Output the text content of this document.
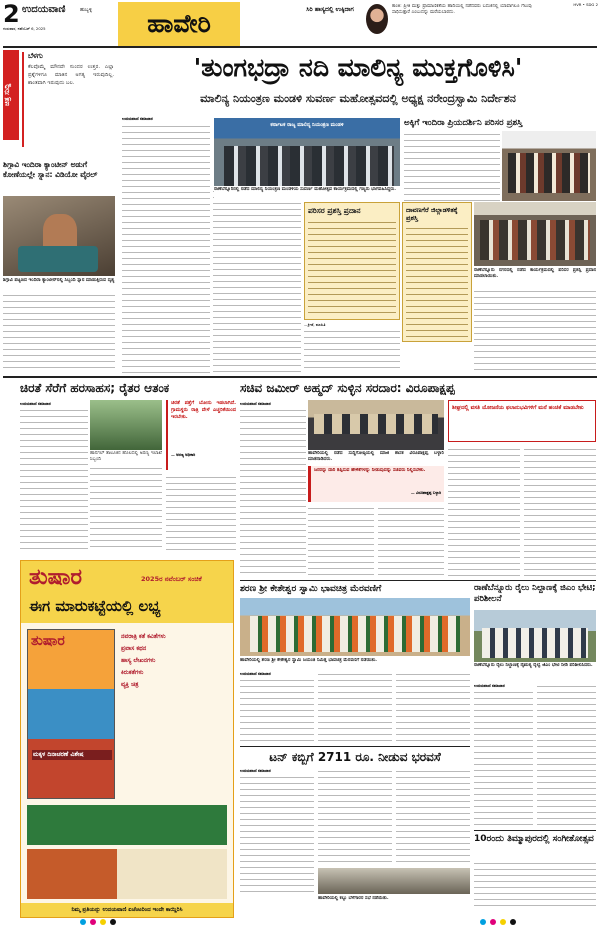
2 ಉದಯವಾಣಿ	ಹುಬ್ಬಳ್ಳಿ
ಗುರುವಾರ, ನವೆಂಬರ್ 6, 2025	ಹಾವೇರಿ	ಸಿರಿ ಹಾಸ್ಯದಲ್ಲಿ ಉಕ್ಕಿದಾಗ	ಕಾಂತಿ: ಪ್ರೀತಿ ಮತ್ತು ಪ್ರಾಮಾಣಿಕತೆಯ ಹಾದಿಯಲ್ಲಿ ನಡೆದವರು ಬದುಕಿನಲ್ಲಿ ಯಾವಾಗಲೂ ಗೆಲುವು ಸಾಧಿಸುತ್ತಾರೆ ಎಂಬುದನ್ನು ಮರೆಯಬಾರದು.
HVR • SDG 2
ಚಿತ್ರ ಸುದ್ದಿ
ಬೆಳಗು
ಕೆಲವೊಮ್ಮೆ ಮೌನವೇ ಸುಂದರ ಉತ್ತರ. ಎಲ್ಲಾ ಪ್ರಶ್ನೆಗಳಿಗೂ ಮಾತಿನ ಅಗತ್ಯ ಇರುವುದಿಲ್ಲ. ಶಾಂತವಾಗಿ ಇರುವುದು ಬಲ.
ಶಿಗ್ಗಾವಿ ಇಂದಿರಾ ಕ್ಯಾಂಟೀನ್ ಅಡುಗೆ ಕೋಣೆಯಲ್ಲೇ ಸ್ನಾನ: ವಿಡಿಯೋ ವೈರಲ್
ಶಿಗ್ಗಾವಿ ಪಟ್ಟಣದ ಇಂದಿರಾ ಕ್ಯಾಂಟೀನ್‌ನಲ್ಲಿ ಸಿಬ್ಬಂದಿ ಸ್ನಾನ ಮಾಡುತ್ತಿರುವ ದೃಶ್ಯ
'ತುಂಗಭದ್ರಾ ನದಿ ಮಾಲಿನ್ಯ ಮುಕ್ತಗೊಳಿಸಿ'
ಮಾಲಿನ್ಯ ನಿಯಂತ್ರಣ ಮಂಡಳಿ ಸುವರ್ಣ ಮಹೋತ್ಸವದಲ್ಲಿ ಅಧ್ಯಕ್ಷ ನರೇಂದ್ರಸ್ವಾಮಿ ನಿರ್ದೇಶನ
ಉದಯವಾಣಿ ಸಮಾಚಾರ
ಕರ್ನಾಟಕ ರಾಜ್ಯ ಮಾಲಿನ್ಯ ನಿಯಂತ್ರಣ ಮಂಡಳಿ
ರಾಣೆಬೆನ್ನೂರಿನಲ್ಲಿ ನಡೆದ ಮಾಲಿನ್ಯ ನಿಯಂತ್ರಣ ಮಂಡಳಿಯ ಸುವರ್ಣ ಮಹೋತ್ಸವ ಕಾರ್ಯಕ್ರಮದಲ್ಲಿ ಗಣ್ಯರು ಭಾಗವಹಿಸಿದ್ದರು.
ಪರಿಸರ ಪ್ರಶಸ್ತಿ ಪ್ರದಾನ	ದಾವಣಗೆರೆ ಜಿಲ್ಲಾಡಳಿತಕ್ಕೆ ಪ್ರಶಸ್ತಿ
—ಕ್ರೀಡೆ, ಮಾಹಿತಿ
ಅಕ್ಕಿಗೆ ಇಂದಿರಾ ಪ್ರಿಯದರ್ಶಿನಿ ಪರಿಸರ ಪ್ರಶಸ್ತಿ
ರಾಣೆಬೆನ್ನೂರು ನಗರದಲ್ಲಿ ನಡೆದ ಕಾರ್ಯಕ್ರಮದಲ್ಲಿ ಪರಿಸರ ಪ್ರಶಸ್ತಿ ಪ್ರದಾನ ಮಾಡಲಾಯಿತು.
ಚಿರತೆ ಸೆರೆಗೆ ಹರಸಾಹಸ; ರೈತರ ಆತಂಕ
ಉದಯವಾಣಿ ಸಮಾಚಾರ
ಹಾನಗಲ್ ತಾಲೂಕಿನ ಹೊಲದಲ್ಲಿ ಅರಣ್ಯ ಇಲಾಖೆ ಸಿಬ್ಬಂದಿ
ಚಿರತೆ ಪತ್ತೆಗೆ ಬೋನು ಇಡಲಾಗಿದೆ. ಗ್ರಾಮಸ್ಥರು ರಾತ್ರಿ ವೇಳೆ ಎಚ್ಚರಿಕೆಯಿಂದ ಇರಬೇಕು.
— ಅರಣ್ಯ ಅಧಿಕಾರಿ
ತುಷಾರ	2025ರ ನವೆಂಬರ್ ಸಂಚಿಕೆ
ಈಗ ಮಾರುಕಟ್ಟೆಯಲ್ಲಿ ಲಭ್ಯ
ತುಷಾರ
ಮಕ್ಕಳ ದಿನಾಚರಣೆ ವಿಶೇಷ
ನವರಾತ್ರಿ ಕತೆ ಕವಿತೆಗಳು
ಪ್ರವಾಸ ಕಥನ
ಹಾಸ್ಯ ಲೇಖನಗಳು
ಕಿರುಕತೆಗಳು
ವ್ಯಕ್ತಿ ಚಿತ್ರ
ನಿಮ್ಮ ಪ್ರತಿಯನ್ನು ಉದಯವಾಣಿ ಏಜೆಂಟರಿಂದ ಇಂದೇ ಕಾಯ್ದಿರಿಸಿ
ಸಚಿವ ಜಮೀರ್ ಅಹ್ಮದ್ ಸುಳ್ಳಿನ ಸರದಾರ: ವಿರೂಪಾಕ್ಷಪ್ಪ
ಉದಯವಾಣಿ ಸಮಾಚಾರ
ಹಾವೇರಿಯಲ್ಲಿ ನಡೆದ ಸುದ್ದಿಗೋಷ್ಠಿಯಲ್ಲಿ ಮಾಜಿ ಶಾಸಕ ವಿರೂಪಾಕ್ಷಪ್ಪ ಬಳ್ಳಾರಿ ಮಾತನಾಡಿದರು.
ಜನರನ್ನು ದಾರಿ ತಪ್ಪಿಸುವ ಹೇಳಿಕೆಗಳನ್ನು ನೀಡುವುದನ್ನು ಸಚಿವರು ನಿಲ್ಲಿಸಬೇಕು.
— ವಿರೂಪಾಕ್ಷಪ್ಪ ಬಳ್ಳಾರಿ
ಶೀಘ್ರದಲ್ಲಿ ವಸತಿ ಯೋಜನೆಯ ಫಲಾನುಭವಿಗಳಿಗೆ ಮನೆ ಹಂಚಿಕೆ ಮಾಡಬೇಕು
ಶರಣ ಶ್ರೀ ಕೇತೇಶ್ವರ ಸ್ವಾಮಿ ಭಾವಚಿತ್ರ ಮೆರವಣಿಗೆ
ಹಾವೇರಿಯಲ್ಲಿ ಶರಣ ಶ್ರೀ ಕೇತೇಶ್ವರ ಸ್ವಾಮಿ ಜಯಂತಿ ನಿಮಿತ್ತ ಭಾವಚಿತ್ರ ಮೆರವಣಿಗೆ ನಡೆಯಿತು.
ಉದಯವಾಣಿ ಸಮಾಚಾರ
ರಾಣೆಬೆನ್ನೂರು ರೈಲು ನಿಲ್ದಾಣಕ್ಕೆ ಜಿಎಂ ಭೇಟಿ; ಪರಿಶೀಲನೆ
ರಾಣೆಬೆನ್ನೂರು ರೈಲು ನಿಲ್ದಾಣಕ್ಕೆ ನೈಋತ್ಯ ರೈಲ್ವೆ ಜಿಎಂ ಭೇಟಿ ನೀಡಿ ಪರಿಶೀಲಿಸಿದರು.
ಉದಯವಾಣಿ ಸಮಾಚಾರ
ಟನ್ ಕಬ್ಬಿಗೆ 2711 ರೂ. ನೀಡುವ ಭರವಸೆ
ಉದಯವಾಣಿ ಸಮಾಚಾರ
ಹಾವೇರಿಯಲ್ಲಿ ಕಬ್ಬು ಬೆಳೆಗಾರರ ಸಭೆ ನಡೆಯಿತು.
10ರಂದು ತಿಮ್ಮಾಪುರದಲ್ಲಿ ಸಂಗೀತೋತ್ಸವ
